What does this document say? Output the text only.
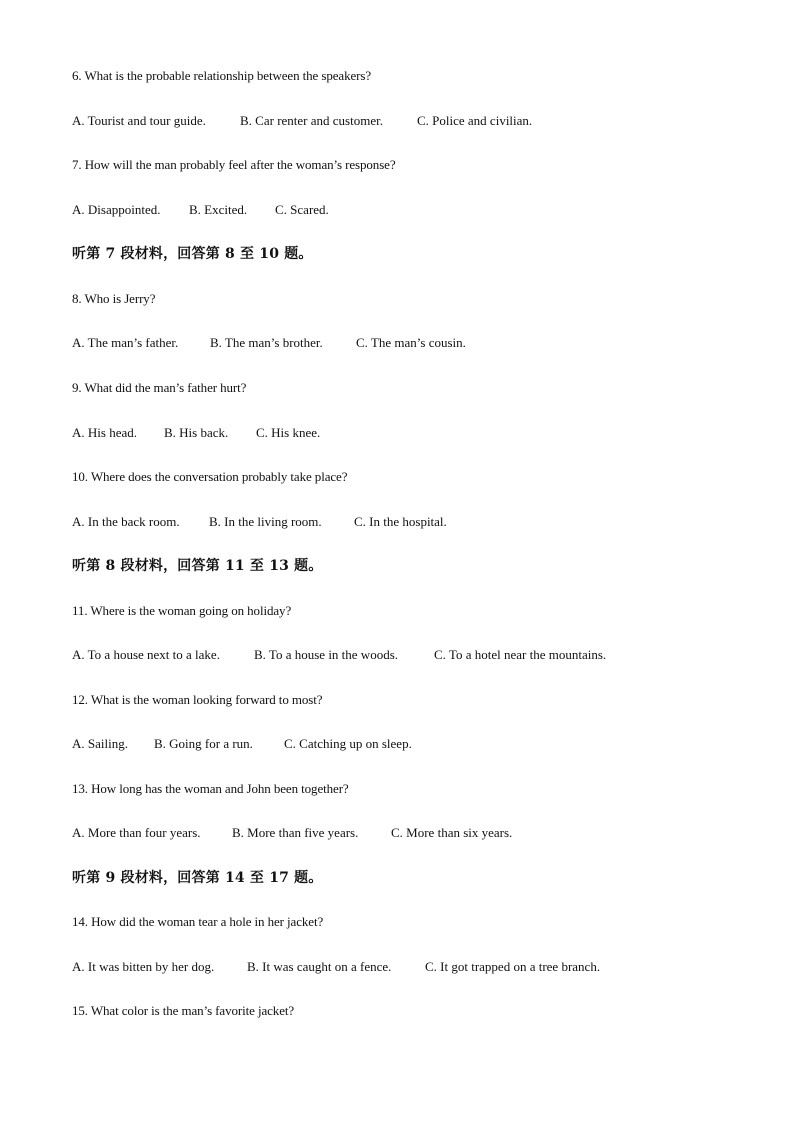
6. What is the probable relationship between the speakers?
A. Tourist and tour guide.	B. Car renter and customer.	C. Police and civilian.
7. How will the man probably feel after the woman’s response?
A. Disappointed. B. Excited. C. Scared.
听第 7 段材料，回答第 8 至 10 题。
8. Who is Jerry?
A. The man’s father. B. The man’s brother.	C. The man’s cousin.
9. What did the man’s father hurt?
A. His head. B. His back. C. His knee.
10. Where does the conversation probably take place?
A. In the back room. B. In the living room. C. In the hospital.
听第 8 段材料，回答第 11 至 13 题。
11. Where is the woman going on holiday?
A. To a house next to a lake.	B. To a house in the woods.	C. To a hotel near the mountains.
12. What is the woman looking forward to most?
A. Sailing. B. Going for a run. C. Catching up on sleep.
13. How long has the woman and John been together?
A. More than four years. B. More than five years.	C. More than six years.
听第 9 段材料，回答第 14 至 17 题。
14. How did the woman tear a hole in her jacket?
A. It was bitten by her dog.	B. It was caught on a fence.	C. It got trapped on a tree branch.
15. What color is the man’s favorite jacket?
